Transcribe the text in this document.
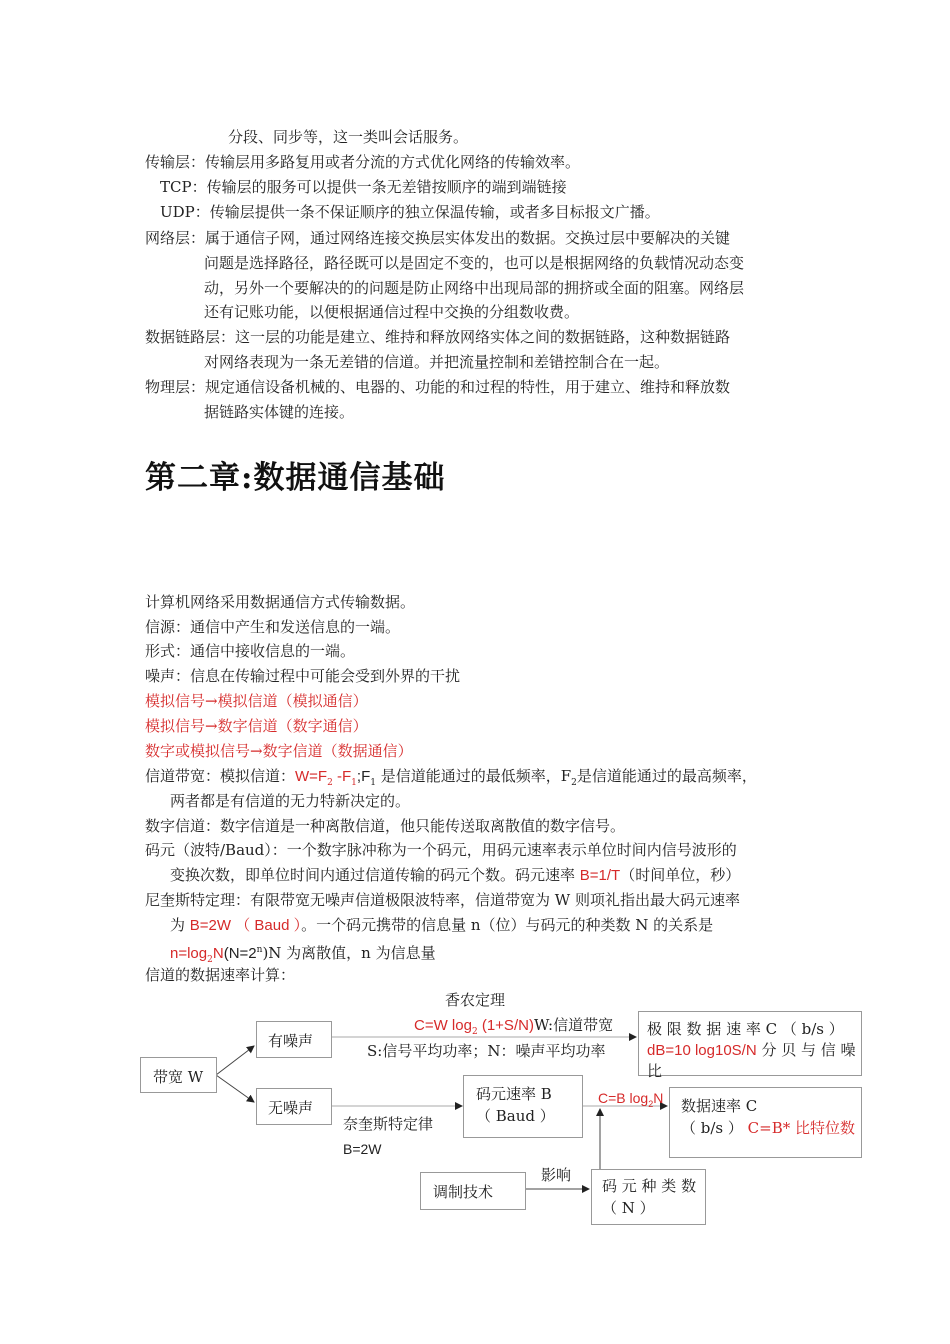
分段、同步等，这一类叫会话服务。
传输层：传输层用多路复用或者分流的方式优化网络的传输效率。
TCP：传输层的服务可以提供一条无差错按顺序的端到端链接
UDP：传输层提供一条不保证顺序的独立保温传输，或者多目标报文广播。
网络层：属于通信子网，通过网络连接交换层实体发出的数据。交换过层中要解决的关键
问题是选择路径，路径既可以是固定不变的，也可以是根据网络的负载情况动态变
动，另外一个要解决的的问题是防止网络中出现局部的拥挤或全面的阻塞。网络层
还有记账功能，以便根据通信过程中交换的分组数收费。
数据链路层：这一层的功能是建立、维持和释放网络实体之间的数据链路，这种数据链路
对网络表现为一条无差错的信道。并把流量控制和差错控制合在一起。
物理层：规定通信设备机械的、电器的、功能的和过程的特性，用于建立、维持和释放数
据链路实体键的连接。
第二章:数据通信基础
计算机网络采用数据通信方式传输数据。
信源：通信中产生和发送信息的一端。
形式：通信中接收信息的一端。
噪声：信息在传输过程中可能会受到外界的干扰
模拟信号→模拟信道（模拟通信）
模拟信号→数字信道（数字通信）
数字或模拟信号→数字信道（数据通信）
信道带宽：模拟信道：$W=F_2$ $-F_1;F_1$ 是信道能通过的最低频率，$F_2$是信道能通过的最高频率，
两者都是有信道的无力特新决定的。
数字信道：数字信道是一种离散信道，他只能传送取离散值的数字信号。
码元（波特/Baud）：一个数字脉冲称为一个码元，用码元速率表示单位时间内信号波形的
变换次数，即单位时间内通过信道传输的码元个数。码元速率 B=1/T（时间单位，秒）
尼奎斯特定理：有限带宽无噪声信道极限波特率，信道带宽为 W 则项礼指出最大码元速率
为 B=2W （ Baud ）。一个码元携带的信息量 n（位）与码元的种类数 N 的关系是
$n=\log_2N(N=2^n)N$ 为离散值，n 为信息量
信道的数据速率计算：
香农定理
C=W $\log_2 (1+S/N)W$:信道带宽
S:信号平均功率；N：噪声平均功率
带宽 W
有噪声
无噪声
极 限 数 据 速 率 C （ b/s ）
dB=10 log10S/N 分 贝 与 信 噪
比
码元速率 B
（ Baud ）
奈奎斯特定律
B=2W
C=B $\log_2N$ 数据速率 C
（ b/s ） C=B* 比特位数
调制技术
影响
码 元 种 类 数
（ N ）
